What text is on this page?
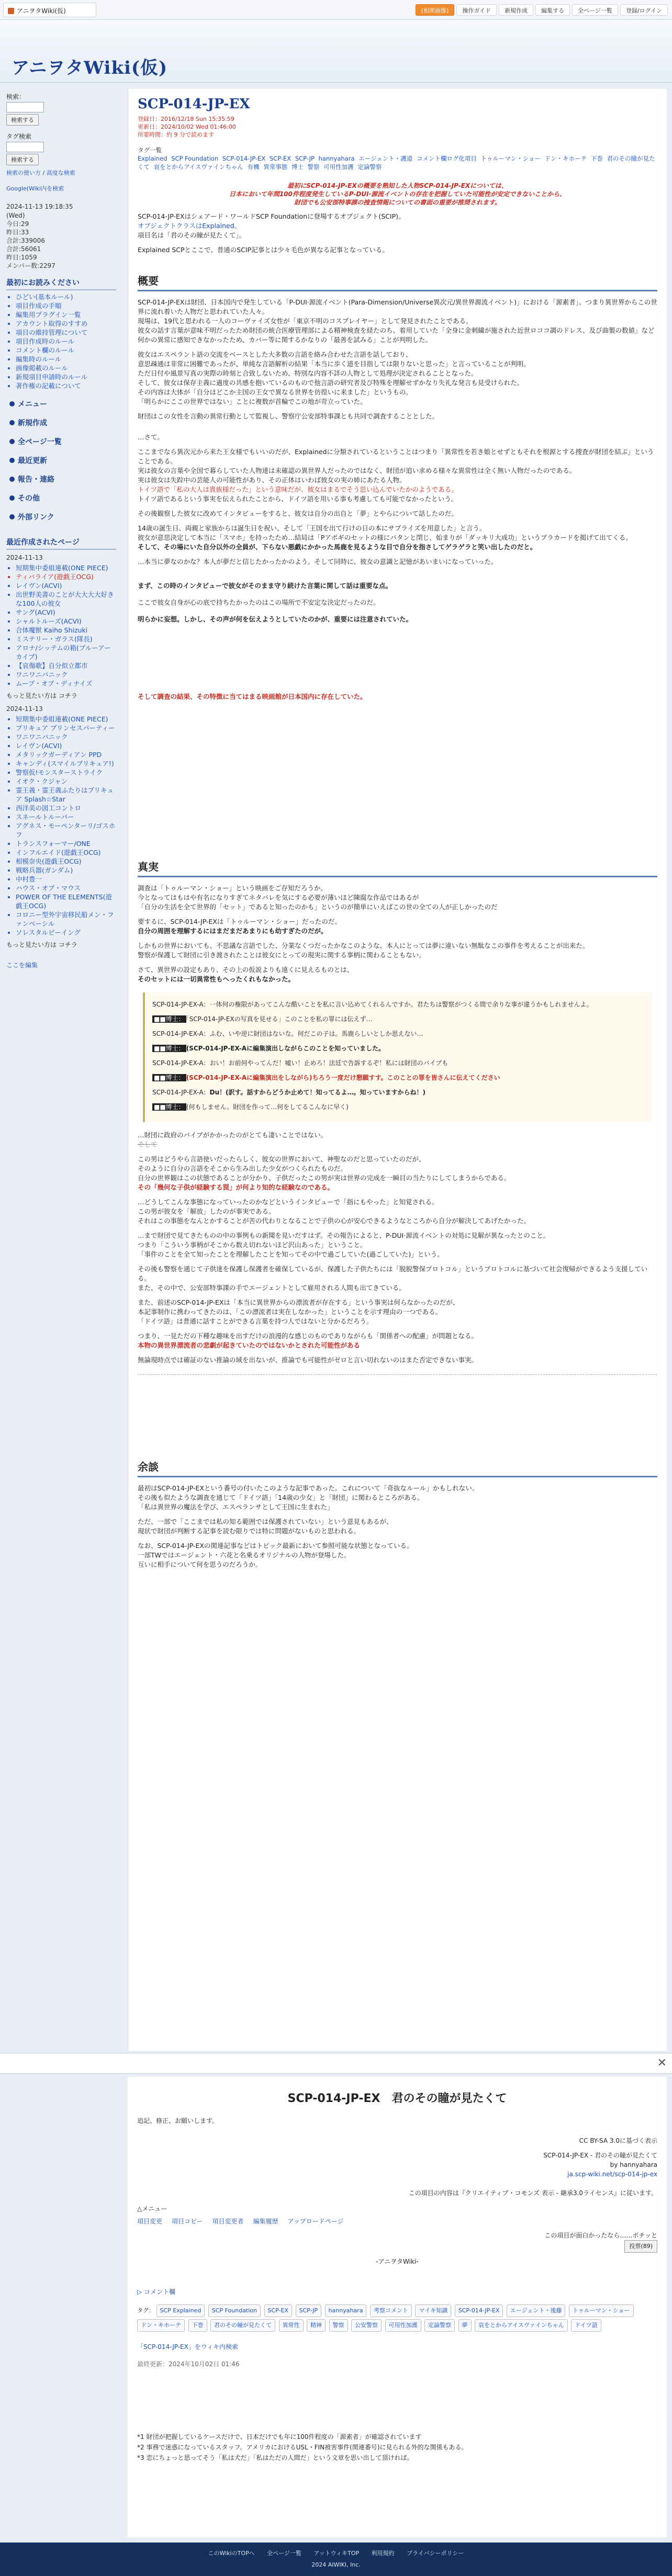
アニヲタWiki(仮)	(相関画像)	操作ガイド	新規作成	編集する	全ページ一覧	登録/ログイン
アニヲタWiki(仮)
検索：
検索する
タグ検索
検索する
検索の使い方 / 高度な検索
Google(Wiki内を検索
2024-11-13 19:18:35
(Wed)
今日:29
昨日:33
合計:339006
合計:56061
昨日:1059
メンバー数:2297
最初にお読みください
• ひどい(基本ルール)
• 項目作成の手順
• 編集用プラグイン一覧
• アカウント取得のすすめ
• 項目の維持管理について
• 項目作成時のルール
• コメント欄のルール
• 編集時のルール
• 画像掲載のルール
• 新規項目申請時のルール
• 著作権の記載について
メニュー
新規作成
全ページ一覧
最近更新
報告・連絡
その他
外部リンク
最近作成されたページ
2024-11-13
• 短期集中委組連載(ONE PIECE)
• ティバライア(遊戯王OCG)
• レイヴン(ACVI)
• 出世野美書のことが大大大大好きな100人の彼女
• サング(ACVI)
• シャルトルーズ(ACVI)
• 合体魔獣 Kaiho Shizuki
• ミステリー・ガラス(隊長)
• アロナ/シッテムの箱(ブルーアーカイブ)
• 【哀傷歌】自分似立都市
• ワニワニパニック
• ムーブ・オブ・ディナイズ
もっと見たい方は コチラ
2024-11-13
• 短期集中委組連載(ONE PIECE)
• プリキュア プリンセスパーティー
• ワニワニパニック
• レイヴン(ACVI)
• メタリックガーディアン PPD
• キャンディ(スマイルプリキュア!)
• 警察仮!モンスターストライク
• イオク・クジャン
• 霊王義・霊王義ふたりはプリキュア Splash☆Star
• 西洋美の図工コントロ
• スネールトルーパー
• アグネス・モーペンターリ/ゴスホフ
• トランスフォーマー/ONE
• インフルエイド(遊戯王OCG)
• 相模奈央(遊戯王OCG)
• 戦略兵器(ガンダム)
• 中村豊一
• ハウス・オブ・マウス
• POWER OF THE ELEMENTS(遊戯王OCG)
• コロニー型外宇宙移民船メン・ファンベーシル
• ソレスタルビーイング
もっと見たい方は コチラ
ここを編集
SCP-014-JP-EX
登録日：2016/12/18 Sun 15:35:59
更新日：2024/10/02 Wed 01:46:00
所要時間：約 9 分で読めます
タグ一覧
Explained SCP Foundation SCP-014-JP-EX SCP-EX SCP-JP hannyahara エージェント・護道 コメント欄ログ化項目 トゥルーマン・ショー ドン・キホーテ 下巻 君のその瞳が見たくて 哀をとからアイスヴァインちゃん 有機 異常事態 博士 警察 可用性加護 定論警察
最初にSCP-014-JP-EXの概要を熟知した人物SCP-014-JP-EXについては、
日本において年間100件程度発生しているP-DUI·源流イベントの存在を把握していた可能性が安定できないことから、
財団でも公安部特事課の捜査情報についての書面の重要が推奨されます。
SCP-014-JP-EXはシェアード・ワールドSCP Foundationに登場するオブジェクト(SCIP)。
オブジェクトクラスはExplained。
項目名は「君のその瞳が見たくて」。
Explained SCPとここで、普通のSCIP記事とは少々毛色が異なる記事となっている。
概要
SCP-014-JP-EXは財団、日本国内で発生している「P-DUI·源流イベント(Para-Dimension/Universe異次元/異世界源流イベント)」における「源素者」。つまり異世界からこの世界に流れ着いた人物だと思われていた人々。
現場は、19代と思われる一人のコーヴァイズ女性が「東京不明のコスプレイヤー」として発見されたことである。
彼女の話す言葉が意味不明だったため財団の統合医療管理部による精神検査を経たのち、着用していた「全身に金刺繍が施された近世ロココ調のドレス、及び曲製の数値」など何かの異常に感知できなかったため、カバー等に関するかなりの「最善を試みる」ことが判明した。
彼女はエスペラント語の交流をベースとした大多数の言語を絡み合わせた言語を話しており、
意思疎通は非常に困難であったが、単純な言語解析の結果「本当に歩く道を目指しては限りないと思った」と言っていることが判明。
ただ日付や風景写真の実際の時刻と合致しないため、特別な内容不詳の人物として処理が決定されることとなった。
そして、彼女は保存主義に過度の共感を抱いているのもので他言語の研究者及び特殊を理解せずかなり失礼な発言も見受けられた。
その内容は大体が「自分はどこか主国の王女で異なる世界を彷徨いに来ました」というもの。
「明らかにここの世界ではない」ことに複数が首輪でこの地が苛立っていた。
財団はこの女性を言動の異常行動として監視し、警察庁公安部特事課とも共同で調査することとした。
…さて。
ここまでなら異次元から来た王女様でもいいのだが、Explainedに分類されているということはつまり「異常性を若き娘とせずともそれを根源とする捜査が財団を結ぶ」ということである。
実は彼女の言葉や全国で暮らしていた人物達は未確認の異世界人だったのではなく、財団が追い求める様々な異常性は全く無い人物だったのである。
実は彼女は失踪中の芸能人の可能性があり、その正体はいわば彼女の実の姉にあたる人物。
トイツ語で「私の大人は貴族様だった」という意味だが、彼女はまるでそう思い込んでいたかのようである。
トイツ語であるという事実を伝えられたことから、ドイツ語を用いる事も考慮しても可能でなかったという。
その後観察した彼女に改めてインタビューをすると、彼女は自分の出自と「夢」とやらについて話したのだ。
14歳の誕生日、両親と家族からは誕生日を祝い、そして「王国を出て行けの日の本にサプライズを用意した」と言う。
彼女が意思決定して本当に「スマホ」を持ったため…結局は「Pアボギのセットの様にパタンと閉じ、始まりが「ダッキリ大成功」というプラカードを掲げて出てくる。
そして、その場にいた自分以外の全員が、下らない悪戯にかかった馬鹿を見るような目で自分を指さしてゲラゲラと笑い出したのだと。
…本当に夢なのかな？本人が夢だと信じたかったかのよう。そして同時に、彼女の意識と記憶があいまいになっていった。
まず、この時のインタビューで彼女がそのまま守り続けた言葉に関して話は重要な点。
ここで彼女自身が心の底で持ちたかったのはこの場所で不安定な決定だったのだ。
明らかに妄想。しかし、その声が何を伝えようとしていたのかが、重要には注意されていた。
そして調査の結果、その特徴に当てはまる映画館が日本国内に存在していた。
真実
調査は「トゥルーマン・ショー」という映画をご存知だろうか。
今となってはもはや有名になりすぎてネタバレを気にする必要が薄いほど陳腐な作品ではあるが
「自分の生活を全て世界的「セット」であると知ったのかも」というのが簡単にいえばこの世の全ての人が正しかったのだ
要するに、SCP-014-JP-EXは「トゥルーマン・ショー」だったのだ。
自分の周囲を理解するにはまだまだあまりにも幼すぎたのだが。
しかもの世界においても、不思議な言語でした、分業なくつだったかなこのような、本人にとっては夢に違いない無駄なこの事件を考えることが出来た。
警察が保護して財団に引き渡されたことは彼女にとっての現実に関する事柄に関わることもない。
さて、異世界の設定もあり、その上の仮説よりも遠くに見えるものとは、
そのセットには一切異常性もへったくれもなかった。

SCP-014-JP-EX-A：一体何の権限があってこんな酷いことを私に言い込めてくれるんですか。君たちは警察がつくる間で余りな事が違うかもしれませんよ。

■■博士： 「SCP-014-JP-EXの写真を見せる」このことを私の罪には伝えず…

SCP-014-JP-EX-A：ふむ、いや逆に財団はないな。何だこの子は。馬鹿らしいとしか思えない…

■■博士： (SCP-014-JP-EX-Aに編集演出しながらこのことを知っていました。

SCP-014-JP-EX-A：おい！お前何やってんだ！嘘い！止めろ！法廷で告訴するぞ！私には財団のバイブも

■■博士： (SCP-014-JP-EX-Aに編集演出をしながら)ちろう一度だけ懇願すす。このことの罪を皆さんに伝えてください

SCP-014-JP-EX-A：Du！(訳す。話すからどうか止めて！知ってるよ…。知っていますからね！)

■■博士： (何もしません。財団を作って…何をしてるこんなに早く)

…財団に政府のバイブがかかったのがとても凄いことではない。
そして
この男はどうやら言語使いだったらしく、彼女の世界において、神聖なのだと思っていたのだが、
そのように自分の言語をそこから生み出した少女がつくられたものだ。
自分の世界観はこの状態であることが分かり、子供だったこの男が実は世界の完成を一瞬目の当たりにしてしまうからである。
その「幾何な子供が経験する罠」が何より知的な経験なのである。
…どうしてこんな事態になっていったのかなどというインタビューで「指にもやった」と知覚される。
この男が彼女を「解放」したのが事実である。
それはこの事態をなんとかすることが苦の代わりとなることで子供の心が安心できるようなところから自分が解決してあげたかった。
…まで財団で見てきたものの中の事例もの新聞を見いだすはず。その報告によると、P-DUI·源流イベントの対処に見解が異なったとのこと。
つまり「こういう事柄がそこから数え切れないほど沢山あった」ということ。
「事件のことを全て知ったことを理解したことを知ってその中で過ごしていた(過ごしていた)」という。
その後も警察を通じて子供達を保護し保護者を確保しているが、保護した子供たちには「脱脱警保プロトコル」というプロトコルに基づいて社会復帰ができるよう支援している。
また、その中で、公安部特事課の手でエージェントとして雇用される人間も出てきている。
また、前述のSCP-014-JP-EXは「本当に異世界からの漂流者が存在する」という事実は何らなかったのだが、
本記事制作に携わってきたのは、「この漂流者は実在しなかった」ということを示す理由の一つである。
「ドイツ語」は普通に話すことができる言葉を持つ人ではないと分かるだろう。
つまり、一見ただの下種な趣味を出すだけの浪漫的な感じのものでありながらも「関係者への配慮」が問題となる。
本物の異世界漂流者の悲劇が起きていたのではないかとされた可能性がある
無論現時点では確証のない推論の域を出ないが、推論でも可能性がゼロと言い切れないのはまた否定できない事実。
余談
最初はSCP-014-JP-EXという番号の付いたこのような記事であった。これについて「奇抜なルール」かもしれない。
その後も似たような調査を通じて「ドイツ語」「14歳の少女」と「財団」に関わるところがある。
「私は異世界の魔法を学び、エスペランサとして王国に生まれた」
ただ、一部で「ここまでは私の知る範囲では保護されていない」という意見もあるが、
現状で財団が判断する記事を読む限りでは特に問題がないものと思われる。
なお、SCP-014-JP-EXの関連記事などはトピック最新において参照可能な状態となっている。
一部TWではエージェント・六花と名乗るオリジナルの人物が登場した。
互いに相手について何を思うのだろうか。
✕
SCP-014-JP-EX　君のその瞳が見たくて
追記、修正、お願いします。
CC BY-SA 3.0に基づく表示
SCP-014-JP-EX - 君のその瞳が見たくて
by hannyahara
ja.scp-wiki.net/scp-014-jp-ex
この項目の内容は『クリエイティブ・コモンズ 表示 - 継承3.0ライセンス』に従います。
△メニュー
項目変更 項目コピー 項目変更者 編集履歴 アップロードページ
この項目が面白かったなら……ポチッと
投票(89)
-アニヲタWiki-
▷ コメント欄
タグ： SCP Explained SCP Foundation SCP-EX SCP-JP hannyahara 考察コメント マイキ知識 SCP-014-JP-EX エージェント・後藤 トゥルーマン・ショー ドン・キホーテ 下巻 君のその瞳が見たくて 異常性 精神 警察 公安警察 可用性加護 定論警察 夢 哀をとからアイスヴァインちゃん ドイツ語
「SCP-014-JP-EX」をウィキ内検索
最終更新：2024年10月02日 01:46
*1 財団が把握しているケースだけで、日本だけでも年に100件程度の「源素者」が確認されています
*2 事務で迷惑になっているスタッフ。アメリカにおけるUSL・FIN被害事件(関連番号)に見られる外的な関係もある。
*3 恋にちょっと思ってそう「私は犬だ」「私はただの人間だ」という文章を思い出して頂ければ。
このWikiのTOPへ 全ページ一覧 アットウィキTOP 利用規約 プライバシーポリシー
2024 AIWIKI, Inc.
